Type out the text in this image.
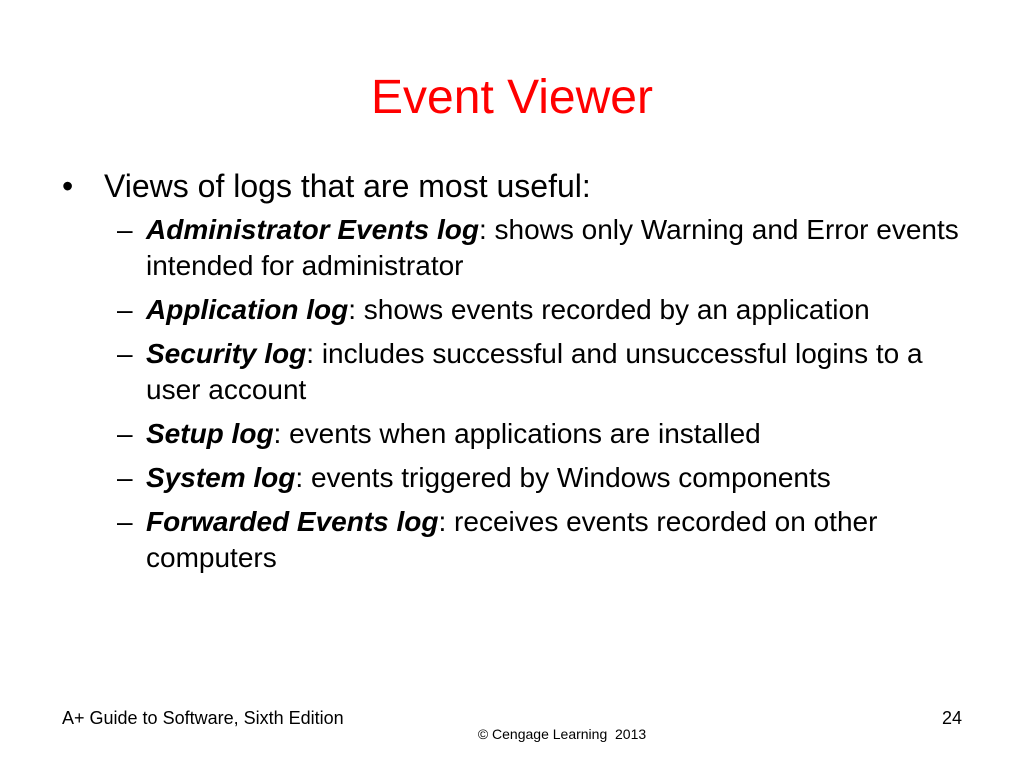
Event Viewer
• Views of logs that are most useful:
– Administrator Events log: shows only Warning and Error events intended for administrator
– Application log: shows events recorded by an application
– Security log: includes successful and unsuccessful logins to a user account
– Setup log: events when applications are installed
– System log: events triggered by Windows components
– Forwarded Events log: receives events recorded on other computers
A+ Guide to Software, Sixth Edition
© Cengage Learning  2013
24
